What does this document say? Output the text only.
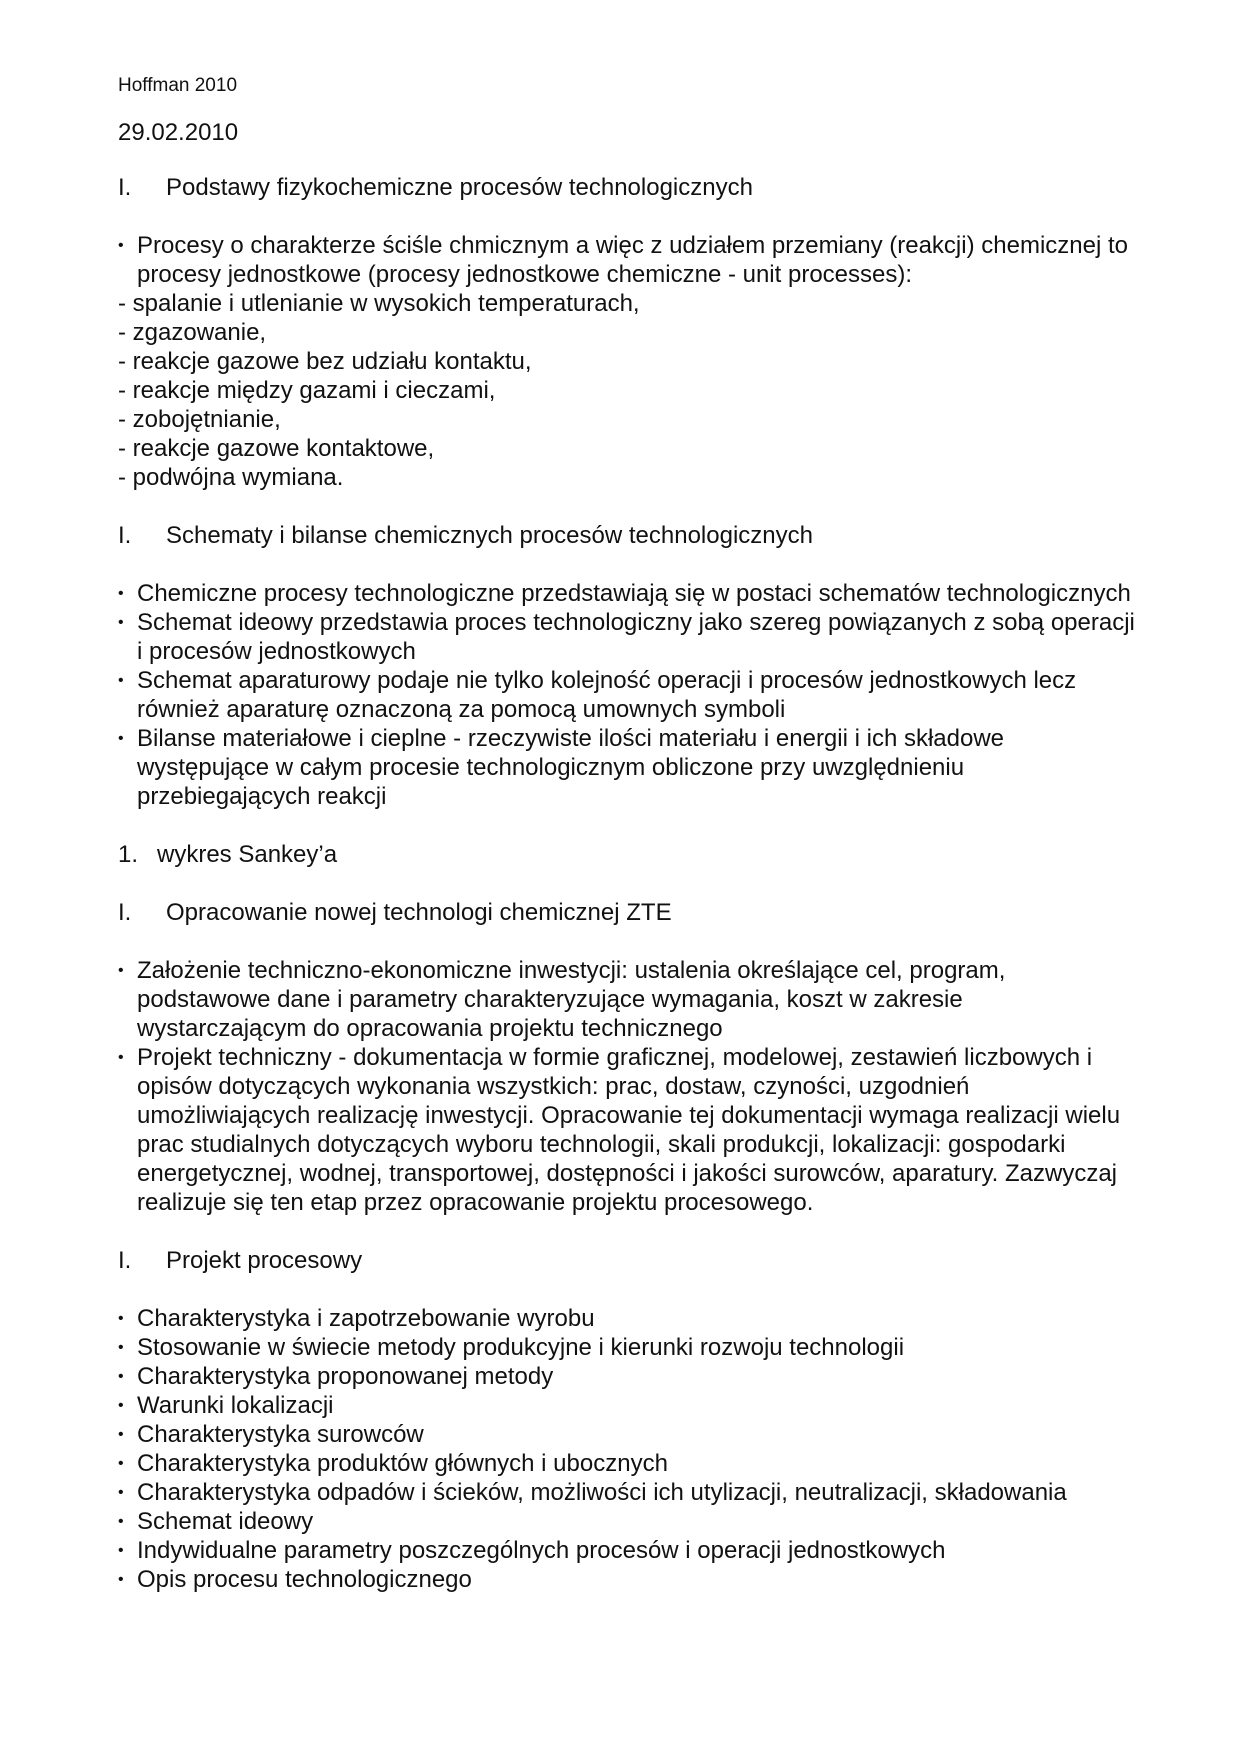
Hoffman 2010
29.02.2010
I. Podstawy fizykochemiczne procesów technologicznych
• Procesy o charakterze ściśle chmicznym a więc z udziałem przemiany (reakcji) chemicznej to procesy jednostkowe (procesy jednostkowe chemiczne - unit processes):
- spalanie i utlenianie w wysokich temperaturach,
- zgazowanie,
- reakcje gazowe bez udziału kontaktu,
- reakcje między gazami i cieczami,
- zobojętnianie,
- reakcje gazowe kontaktowe,
- podwójna wymiana.
I. Schematy i bilanse chemicznych procesów technologicznych
• Chemiczne procesy technologiczne przedstawiają się w postaci schematów technologicznych
• Schemat ideowy przedstawia proces technologiczny jako szereg powiązanych z sobą operacji i procesów jednostkowych
• Schemat aparaturowy podaje nie tylko kolejność operacji i procesów jednostkowych lecz również aparaturę oznaczoną za pomocą umownych symboli
• Bilanse materiałowe i cieplne - rzeczywiste ilości materiału i energii i ich składowe występujące w całym procesie technologicznym obliczone przy uwzględnieniu przebiegających reakcji
1. wykres Sankey’a
I. Opracowanie nowej technologi chemicznej ZTE
• Założenie techniczno-ekonomiczne inwestycji: ustalenia określające cel, program, podstawowe dane i parametry charakteryzujące wymagania, koszt w zakresie wystarczającym do opracowania projektu technicznego
• Projekt techniczny - dokumentacja w formie graficznej, modelowej, zestawień liczbowych i opisów dotyczących wykonania wszystkich: prac, dostaw, czyności, uzgodnień umożliwiających realizację inwestycji. Opracowanie tej dokumentacji wymaga realizacji wielu prac studialnych dotyczących wyboru technologii, skali produkcji, lokalizacji: gospodarki energetycznej, wodnej, transportowej, dostępności i jakości surowców, aparatury. Zazwyczaj realizuje się ten etap przez opracowanie projektu procesowego.
I. Projekt procesowy
• Charakterystyka i zapotrzebowanie wyrobu
• Stosowanie w świecie metody produkcyjne i kierunki rozwoju technologii
• Charakterystyka proponowanej metody
• Warunki lokalizacji
• Charakterystyka surowców
• Charakterystyka produktów głównych i ubocznych
• Charakterystyka odpadów i ścieków, możliwości ich utylizacji, neutralizacji, składowania
• Schemat ideowy
• Indywidualne parametry poszczególnych procesów i operacji jednostkowych
• Opis procesu technologicznego
